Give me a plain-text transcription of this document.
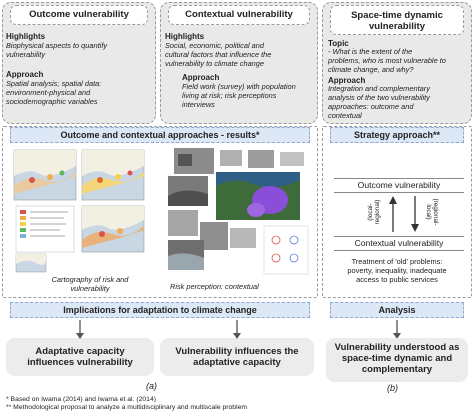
Outcome vulnerability
Highlights
Biophysical aspects to quantify
vulnerability
Approach
Spatial analysis; spatial data:
environment-physical and
sociodemographic variables
Contextual vulnerability
Highlights
Social, economic, political and
cultural factors that influence the
vulnerability to climate change
Approach
Field work (survey) with population
living at risk; risk perceptions
interviews
Outcome and contextual approaches - results*
Cartography of risk and
vulnerability	Risk perception: contextual
Implications for adaptation to climate change
Adaptative capacity
influences vulnerability
Vulnerability influences the
adaptative capacity
(a)
Space-time dynamic
vulnerability
Topic
- What is the extent of the
problems, who is most vulnerable to
climate change, and why?
Approach
Integration and complementary
analysis of the two vulnerability
approaches: outcome and
contextual
Strategy approach**
Outcome vulnerability
(local- regional)	(regional-
local)
Contextual vulnerability
Treatment of 'old' problems:
poverty, inequality, inadequate
access to public services
Analysis
Vulnerability understood as
space-time dynamic and
complementary
(b)
* Based on Iwama (2014) and Iwama et al. (2014)
** Methodological proposal to analyze a multidisciplinary and multiscale problem
